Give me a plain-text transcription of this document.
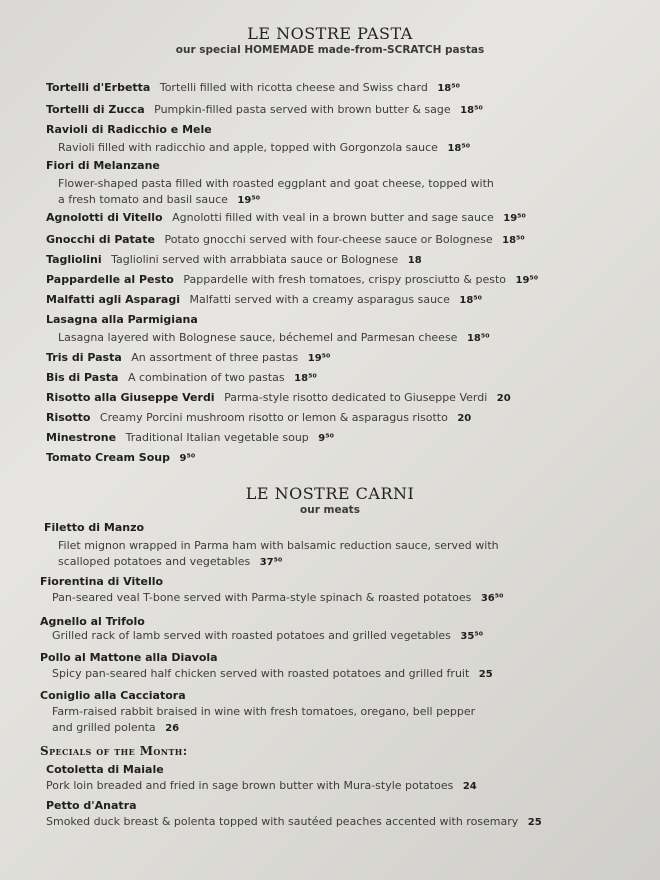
LE NOSTRE PASTA
our special HOMEMADE made-from-SCRATCH pastas
Tortelli d'Erbetta Tortelli filled with ricotta cheese and Swiss chard 18⁵⁰
Tortelli di Zucca Pumpkin-filled pasta served with brown butter & sage 18⁵⁰
Ravioli di Radicchio e Mele
Ravioli filled with radicchio and apple, topped with Gorgonzola sauce 18⁵⁰
Fiori di Melanzane
Flower-shaped pasta filled with roasted eggplant and goat cheese, topped with
a fresh tomato and basil sauce 19⁵⁰
Agnolotti di Vitello Agnolotti filled with veal in a brown butter and sage sauce 19⁵⁰
Gnocchi di Patate Potato gnocchi served with four-cheese sauce or Bolognese 18⁵⁰
Tagliolini Tagliolini served with arrabbiata sauce or Bolognese 18
Pappardelle al Pesto Pappardelle with fresh tomatoes, crispy prosciutto & pesto 19⁵⁰
Malfatti agli Asparagi Malfatti served with a creamy asparagus sauce 18⁵⁰
Lasagna alla Parmigiana
Lasagna layered with Bolognese sauce, béchemel and Parmesan cheese 18⁵⁰
Tris di Pasta An assortment of three pastas 19⁵⁰
Bis di Pasta A combination of two pastas 18⁵⁰
Risotto alla Giuseppe Verdi Parma-style risotto dedicated to Giuseppe Verdi 20
Risotto Creamy Porcini mushroom risotto or lemon & asparagus risotto 20
Minestrone Traditional Italian vegetable soup 9⁵⁰
Tomato Cream Soup 9⁵⁰
LE NOSTRE CARNI
our meats
Filetto di Manzo
Filet mignon wrapped in Parma ham with balsamic reduction sauce, served with
scalloped potatoes and vegetables 37⁵⁰
Fiorentina di Vitello
Pan-seared veal T-bone served with Parma-style spinach & roasted potatoes 36⁵⁰
Agnello al Trifolo
Grilled rack of lamb served with roasted potatoes and grilled vegetables 35⁵⁰
Pollo al Mattone alla Diavola
Spicy pan-seared half chicken served with roasted potatoes and grilled fruit 25
Coniglio alla Cacciatora
Farm-raised rabbit braised in wine with fresh tomatoes, oregano, bell pepper
and grilled polenta 26
Specials of the Month:
Cotoletta di Maiale
Pork loin breaded and fried in sage brown butter with Mura-style potatoes 24
Petto d'Anatra
Smoked duck breast & polenta topped with sautéed peaches accented with rosemary 25
